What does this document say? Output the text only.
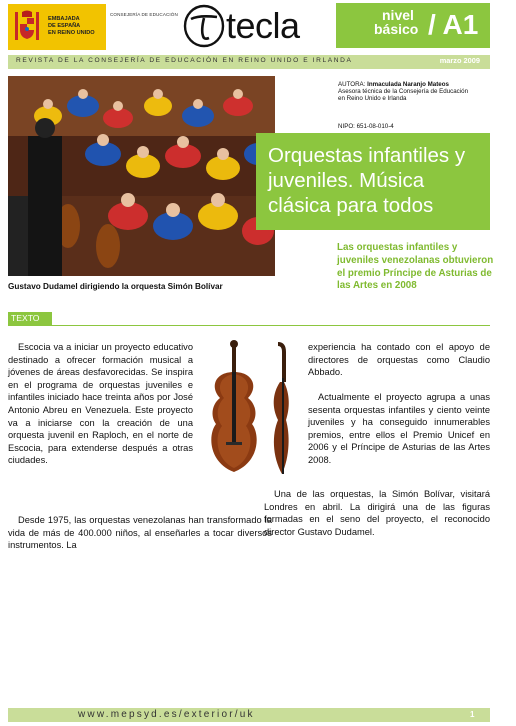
EMBAJADA
DE ESPAÑA
EN REINO UNIDO
CONSEJERÍA DE EDUCACIÓN tecla	nivel
básico / A1
REVISTA DE LA CONSEJERÍA DE EDUCACIÓN EN REINO UNIDO E IRLANDA	marzo 2009
AUTORA: Inmaculada Naranjo Mateos
Asesora técnica de la Consejería de Educación
en Reino Unido e Irlanda
NIPO: 651-08-010-4
Orquestas infantiles y juveniles. Música clásica para todos
Gustavo Dudamel dirigiendo la orquesta Simón Bolívar
Las orquestas infantiles y juveniles venezolanas obtuvieron el premio Príncipe de Asturias de las Artes en 2008
TEXTO
Escocia va a iniciar un proyecto educativo destinado a ofrecer formación musical a jóvenes de áreas desfavorecidas. Se inspira en el programa de orquestas juveniles e infantiles iniciado hace treinta años por José Antonio Abreu en Venezuela. Este proyecto va a iniciarse con la creación de una orquesta juvenil en Raploch, en el norte de Escocia, para extenderse después a otras ciudades.
Desde 1975, las orquestas venezolanas han transformado la vida de más de 400.000 niños, al enseñarles a tocar diversos instrumentos. La
experiencia ha contado con el apoyo de directores de orquestas como Claudio Abbado.
Actualmente el proyecto agrupa a unas sesenta orquestas infantiles y ciento veinte juveniles y ha conseguido innumerables premios, entre ellos el Premio Unicef en 2006 y el Príncipe de Asturias de las Artes 2008.
Una de las orquestas, la Simón Bolívar, visitará Londres en abril. La dirigirá una de las figuras formadas en el seno del proyecto, el reconocido director Gustavo Dudamel.
www.mepsyd.es/exterior/uk	1
